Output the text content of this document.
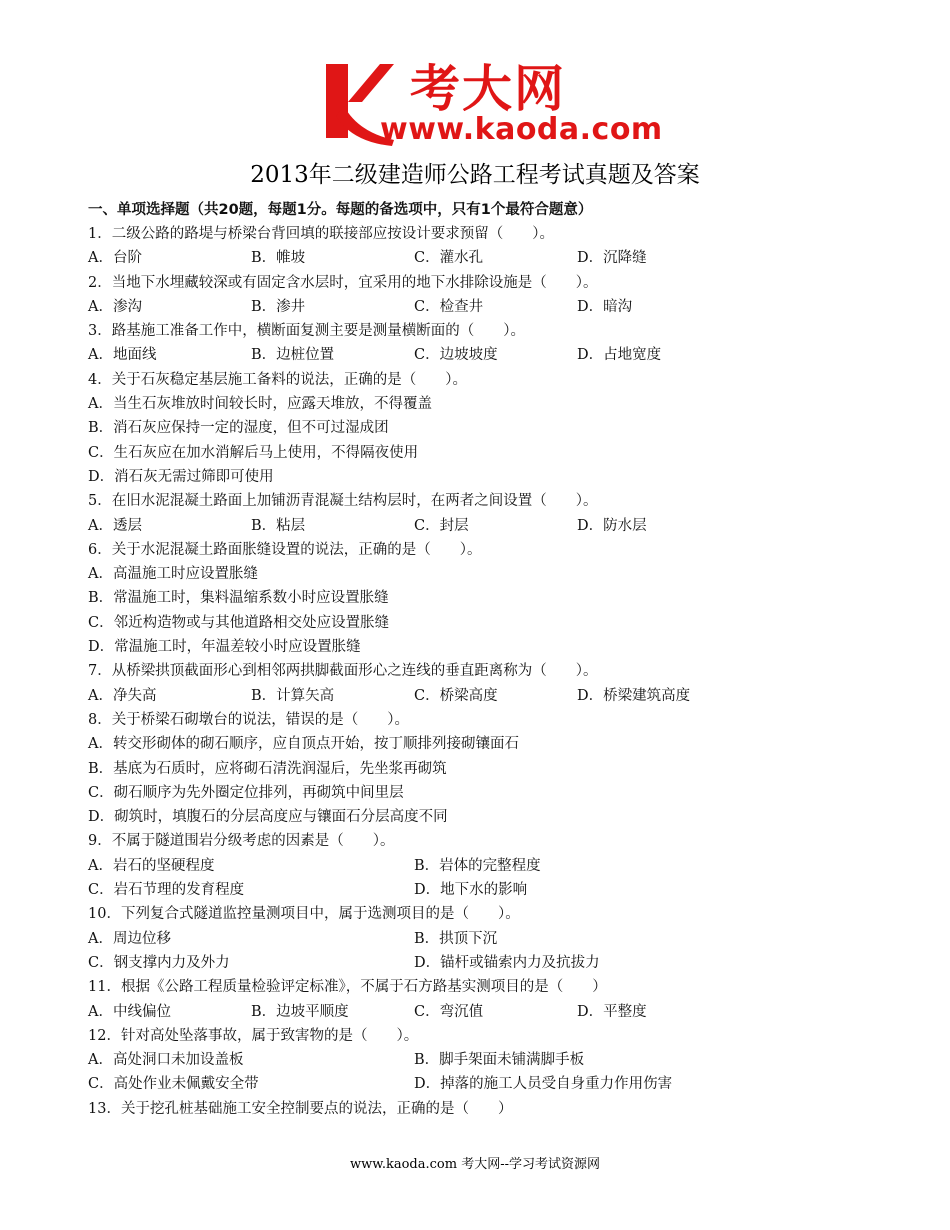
考大网
www.kaoda.com
2013年二级建造师公路工程考试真题及答案
一、单项选择题（共20题，每题1分。每题的备选项中，只有1个最符合题意）
1．二级公路的路堤与桥梁台背回填的联接部应按设计要求预留（　　）。
A．台阶	B．帷坡	C．灌水孔	D．沉降缝
2．当地下水埋藏较深或有固定含水层时，宜采用的地下水排除设施是（　　）。
A．渗沟	B．渗井	C．检查井	D．暗沟
3．路基施工准备工作中，横断面复测主要是测量横断面的（　　）。
A．地面线	B．边桩位置	C．边坡坡度	D．占地宽度
4．关于石灰稳定基层施工备料的说法，正确的是（　　）。
A．当生石灰堆放时间较长时，应露天堆放，不得覆盖
B．消石灰应保持一定的湿度，但不可过湿成团
C．生石灰应在加水消解后马上使用，不得隔夜使用
D．消石灰无需过筛即可使用
5．在旧水泥混凝土路面上加铺沥青混凝土结构层时，在两者之间设置（　　）。
A．透层	B．粘层	C．封层	D．防水层
6．关于水泥混凝土路面胀缝设置的说法，正确的是（　　）。
A．高温施工时应设置胀缝
B．常温施工时，集料温缩系数小时应设置胀缝
C．邻近构造物或与其他道路相交处应设置胀缝
D．常温施工时，年温差较小时应设置胀缝
7．从桥梁拱顶截面形心到相邻两拱脚截面形心之连线的垂直距离称为（　　）。
A．净失高	B．计算矢高	C．桥梁高度	D．桥梁建筑高度
8．关于桥梁石砌墩台的说法，错误的是（　　）。
A．转交形砌体的砌石顺序，应自顶点开始，按丁顺排列接砌镶面石
B．基底为石质时，应将砌石清洗润湿后，先坐浆再砌筑
C．砌石顺序为先外圈定位排列，再砌筑中间里层
D．砌筑时，填腹石的分层高度应与镶面石分层高度不同
9．不属于隧道围岩分级考虑的因素是（　　）。
A．岩石的坚硬程度	B．岩体的完整程度
C．岩石节理的发育程度	D．地下水的影响
10．下列复合式隧道监控量测项目中，属于选测项目的是（　　）。
A．周边位移	B．拱顶下沉
C．钢支撑内力及外力	D．锚杆或锚索内力及抗拔力
11．根据《公路工程质量检验评定标准》，不属于石方路基实测项目的是（　　）
A．中线偏位	B．边坡平顺度	C．弯沉值	D．平整度
12．针对高处坠落事故，属于致害物的是（　　）。
A．高处洞口未加设盖板	B．脚手架面未铺满脚手板
C．高处作业未佩戴安全带	D．掉落的施工人员受自身重力作用伤害
13．关于挖孔桩基础施工安全控制要点的说法，正确的是（　　）
www.kaoda.com 考大网--学习考试资源网
